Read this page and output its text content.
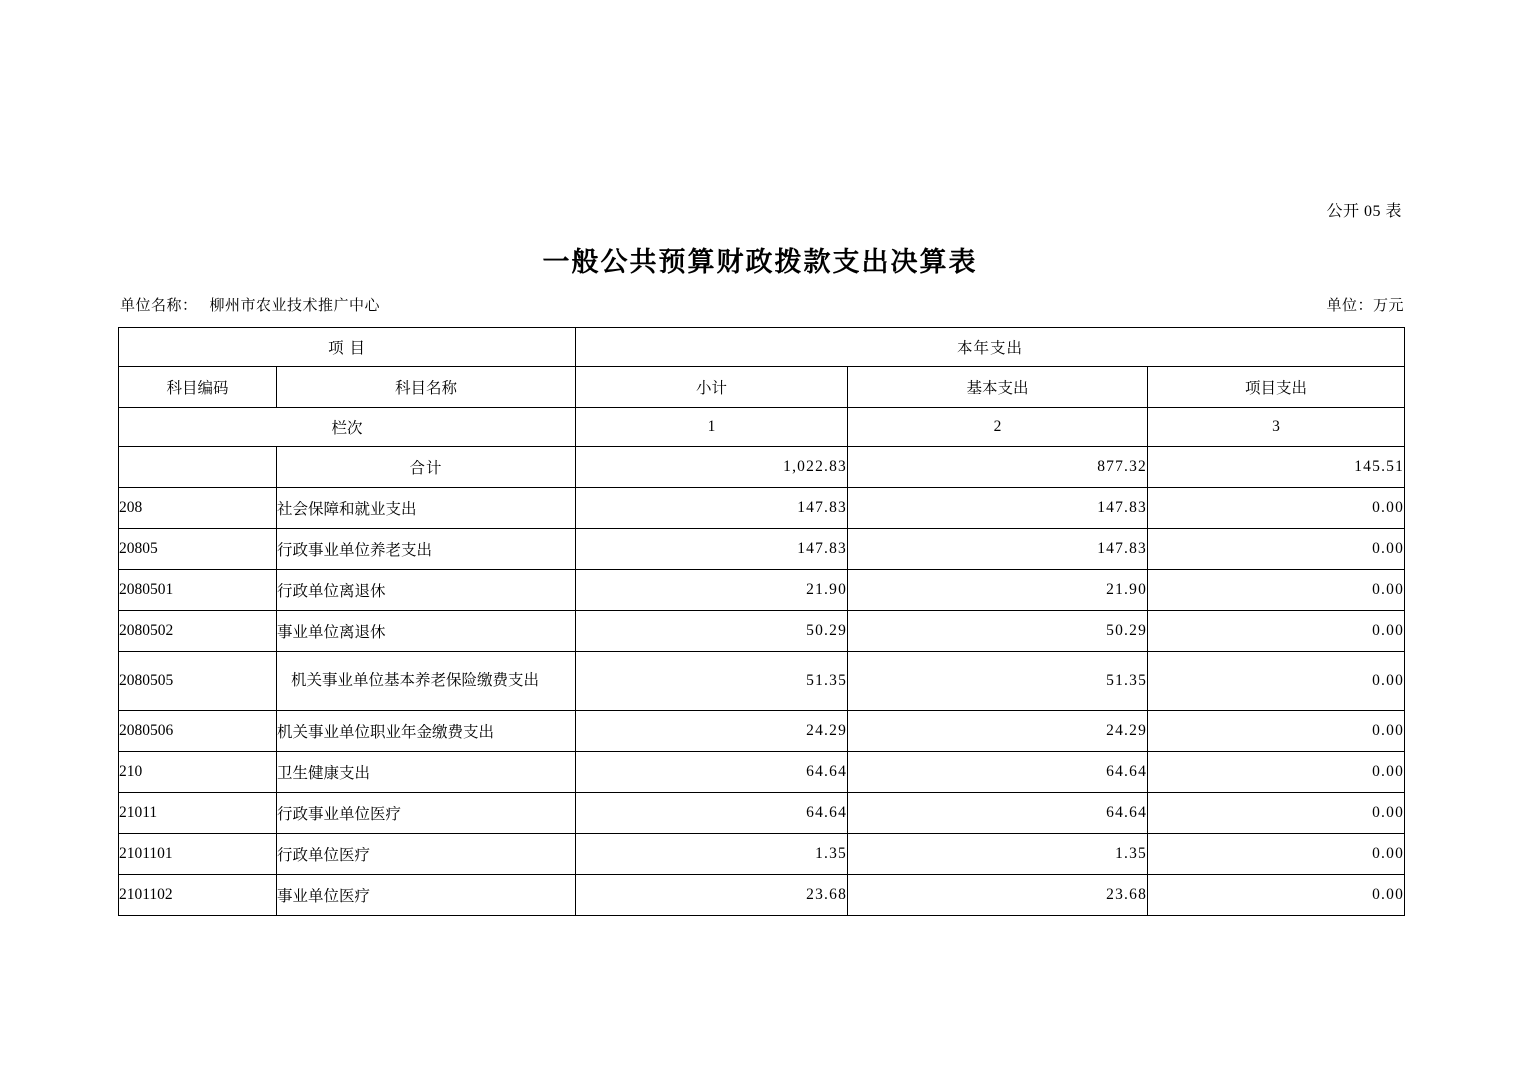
公开 05 表
一般公共预算财政拨款支出决算表
单位名称： 柳州市农业技术推广中心	单位：万元
项 目		本年支出		
科目编码	科目名称	小计	基本支出	项目支出
栏次		1	2	3
	合计	1,022.83	877.32	145.51
208	社会保障和就业支出	147.83	147.83	0.00
20805	行政事业单位养老支出	147.83	147.83	0.00
2080501	行政单位离退休	21.90	21.90	0.00
2080502	事业单位离退休	50.29	50.29	0.00
2080505	机关事业单位基本养老保险缴费支出	51.35	51.35	0.00
2080506	机关事业单位职业年金缴费支出	24.29	24.29	0.00
210	卫生健康支出	64.64	64.64	0.00
21011	行政事业单位医疗	64.64	64.64	0.00
2101101	行政单位医疗	1.35	1.35	0.00
2101102	事业单位医疗	23.68	23.68	0.00
